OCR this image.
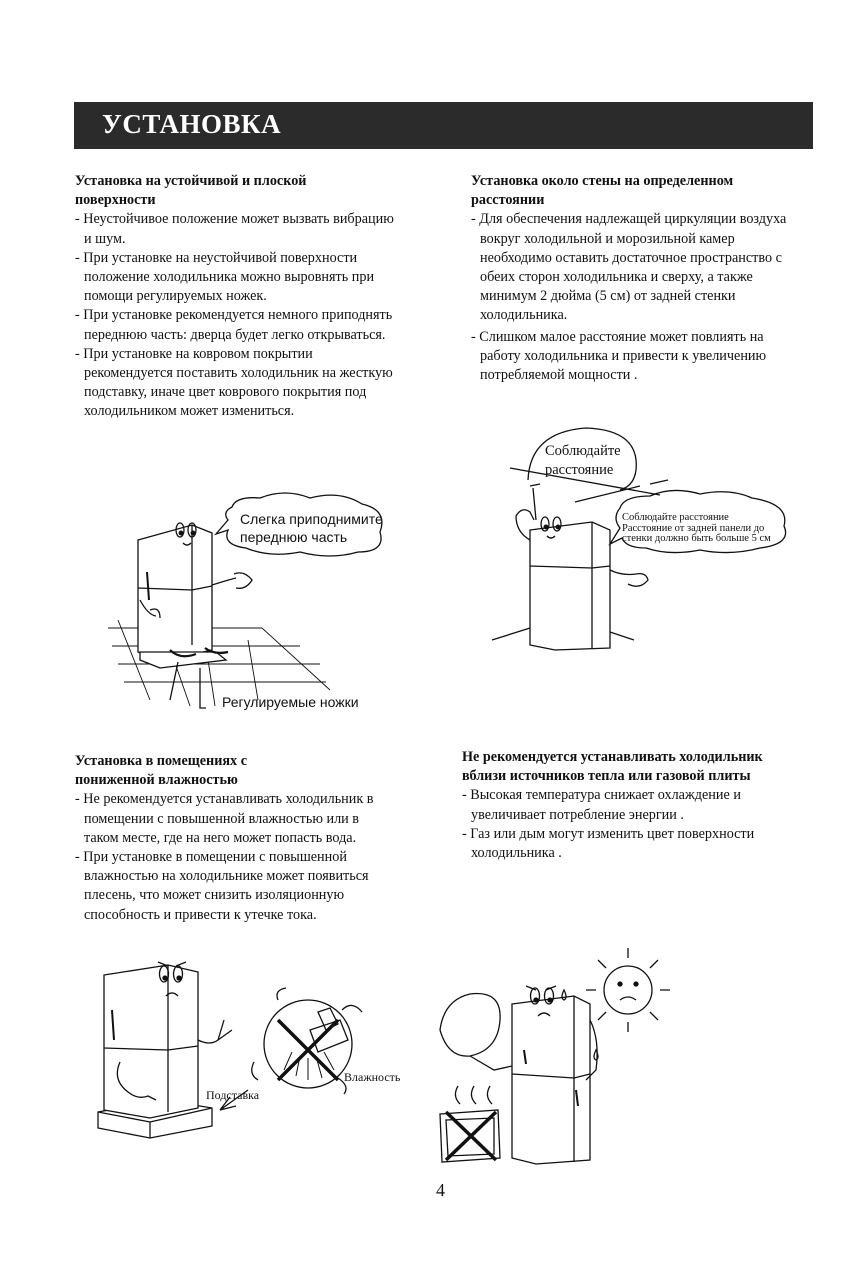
УСТАНОВКА
Установка на устойчивой и плоской
поверхности
- Неустойчивое положение может вызвать вибрацию и шум.
- При установке на неустойчивой поверхности положение холодильника можно выровнять при помощи регулируемых ножек.
- При установке рекомендуется немного приподнять переднюю часть: дверца будет легко открываться.
- При установке на ковровом покрытии рекомендуется поставить холодильник на жесткую подставку, иначе цвет коврового покрытия под холодильником может измениться.
Установка около стены на определенном
расстоянии
- Для обеспечения надлежащей циркуляции воздуха вокруг холодильной и морозильной камер необходимо оставить достаточное пространство с обеих сторон холодильника и сверху, а также минимум 2 дюйма (5 см) от задней стенки холодильника.
- Слишком малое расстояние может повлиять на работу холодильника и привести к увеличению потребляемой мощности .
Установка в помещениях с
пониженной влажностью
- Не рекомендуется устанавливать холодильник в помещении с повышенной влажностью или в таком месте, где на него может попасть вода.
- При установке в помещении с повышенной влажностью на холодильнике может появиться плесень, что может снизить изоляционную способность и привести к утечке тока.
Не рекомендуется устанавливать холодильник
вблизи источников тепла или газовой плиты
- Высокая температура снижает охлаждение и увеличивает потребление энергии .
- Газ или дым могут изменить цвет поверхности холодильника .
Слегка приподнимите
переднюю часть
Регулируемые ножки
Соблюдайте
расстояние
Соблюдайте расстояние
Расстояние от задней панели до
стенки должно быть больше 5 см
Подставка
Влажность
4
